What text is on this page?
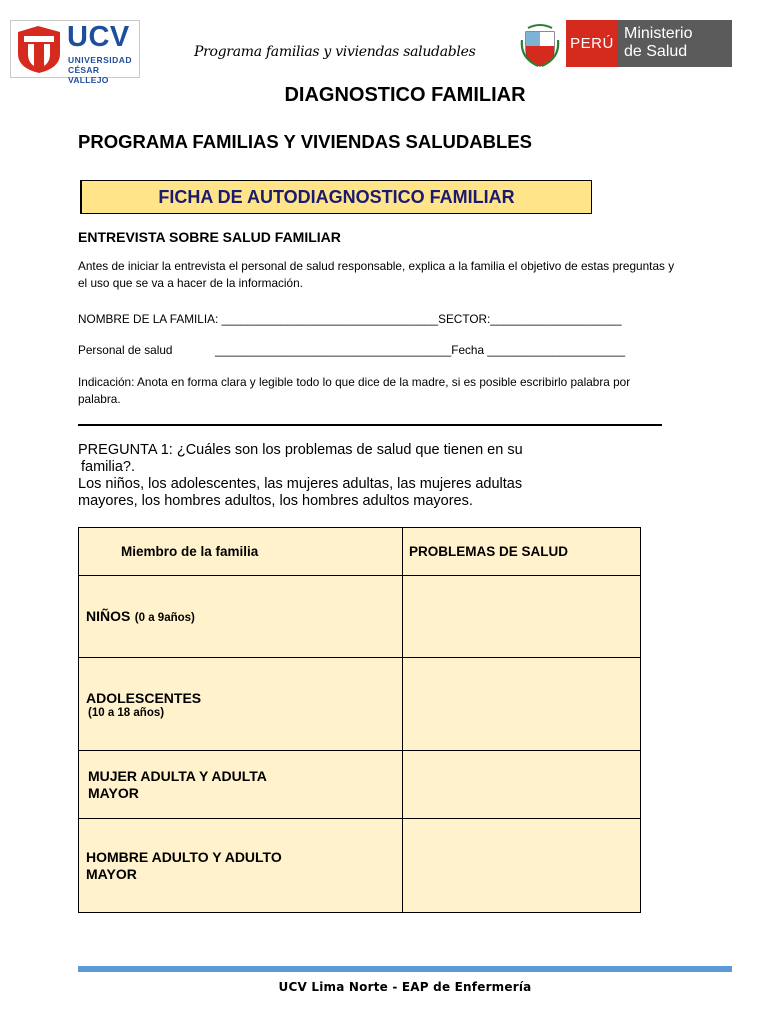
UCV
UNIVERSIDAD
CÉSAR VALLEJO
Programa familias y viviendas saludables	PERÚ
Ministerio
de Salud
DIAGNOSTICO FAMILIAR
PROGRAMA FAMILIAS Y VIVIENDAS SALUDABLES
FICHA DE AUTODIAGNOSTICO FAMILIAR
ENTREVISTA SOBRE SALUD FAMILIAR
Antes de iniciar la entrevista el personal de salud responsable, explica a la familia el objetivo de estas preguntas y el uso que se va a hacer de la información.
NOMBRE DE LA FAMILIA: _________________________________SECTOR:____________________
Personal de salud             ____________________________________Fecha _____________________
Indicación: Anota en forma clara y legible todo lo que dice de la madre, si es posible escribirlo palabra por palabra.
PREGUNTA 1: ¿Cuáles son los problemas de salud que tienen en su
familia?.
Los niños, los adolescentes, las mujeres adultas, las mujeres adultas mayores, los hombres adultos, los hombres adultos mayores.
Miembro de la familia	PROBLEMAS DE SALUD
NIÑOS (0 a 9años)	

ADOLESCENTES
(10 a 18 años)	

MUJER ADULTA Y ADULTA MAYOR	

HOMBRE ADULTO Y ADULTO MAYOR	

UCV Lima Norte - EAP de Enfermería
